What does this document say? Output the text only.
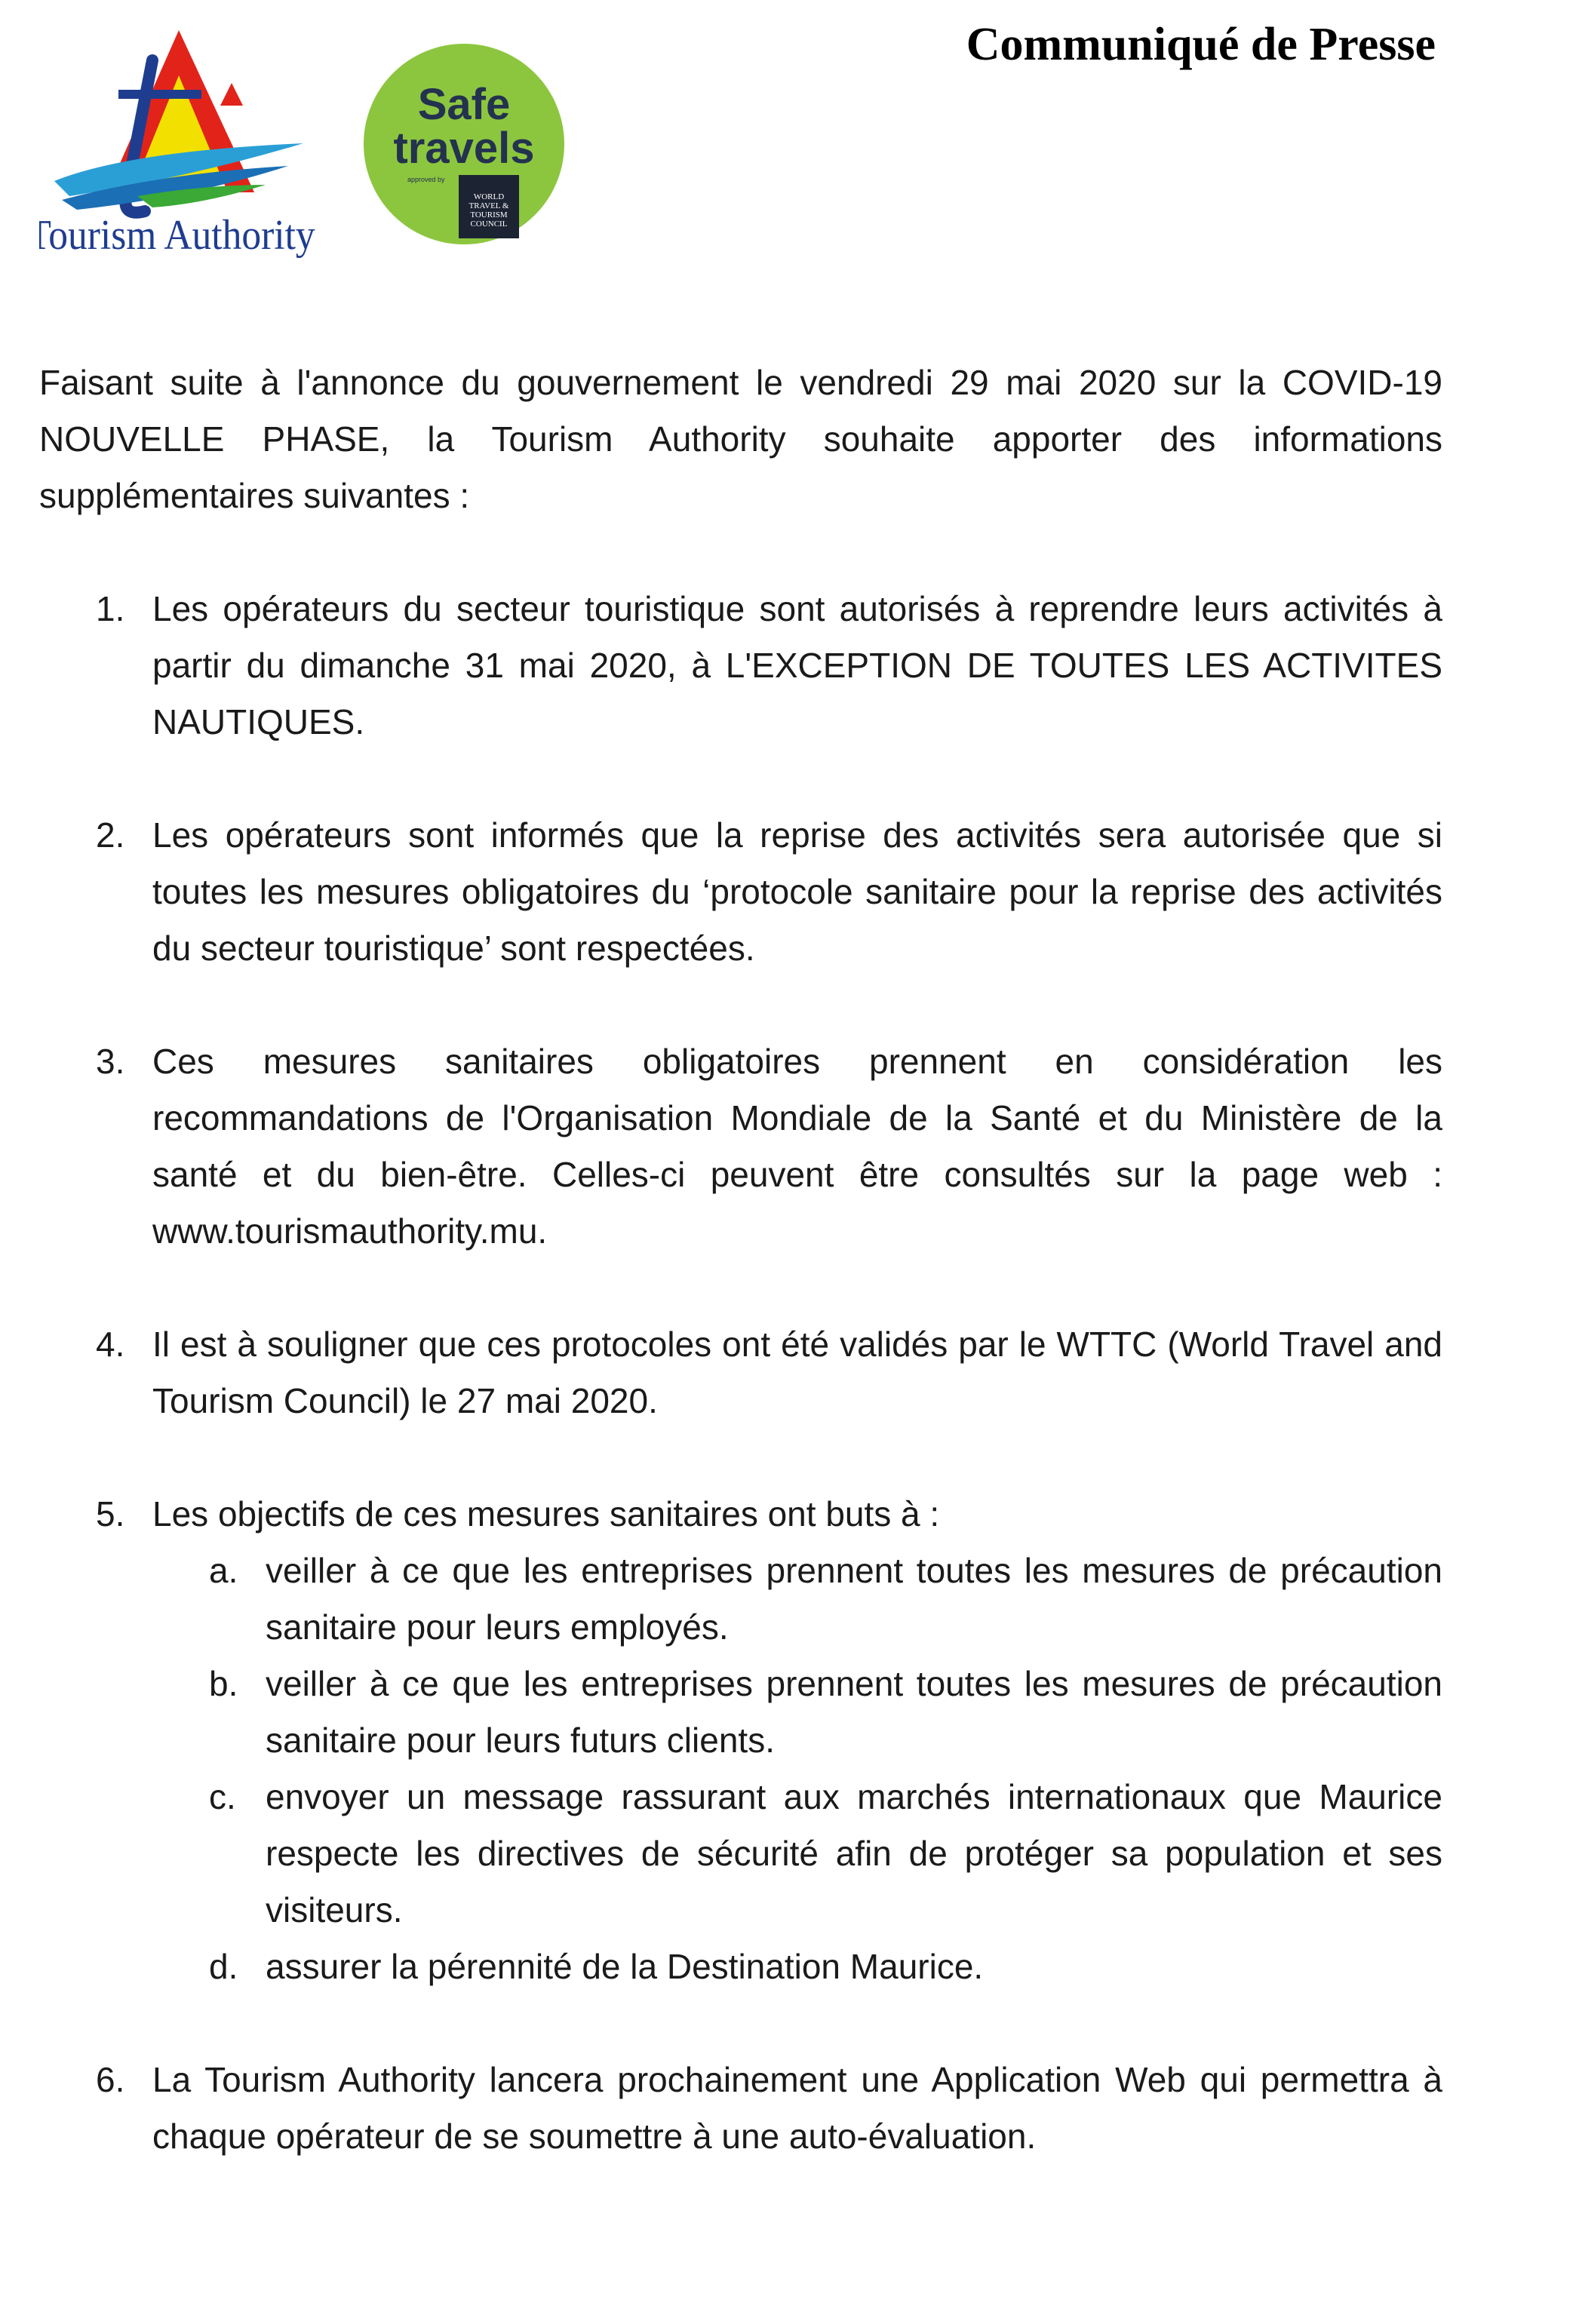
Tourism Authority
Safe
travels
approved by
WORLD
TRAVEL &
TOURISM
COUNCIL
Communiqué de Presse

Faisant suite à l'annonce du gouvernement le vendredi 29 mai 2020 sur la COVID-19 NOUVELLE PHASE, la Tourism Authority souhaite apporter des informations supplémentaires suivantes :

1. Les opérateurs du secteur touristique sont autorisés à reprendre leurs activités à partir du dimanche 31 mai 2020, à L'EXCEPTION DE TOUTES LES ACTIVITES NAUTIQUES.
2. Les opérateurs sont informés que la reprise des activités sera autorisée que si toutes les mesures obligatoires du ‘protocole sanitaire pour la reprise des activités du secteur touristique’ sont respectées.
3. Ces mesures sanitaires obligatoires prennent en considération les recommandations de l'Organisation Mondiale de la Santé et du Ministère de la santé et du bien-être. Celles-ci peuvent être consultés sur la page web : www.tourismauthority.mu.
4. Il est à souligner que ces protocoles ont été validés par le WTTC (World Travel and Tourism Council) le 27 mai 2020.
5. Les objectifs de ces mesures sanitaires ont buts à :
a. veiller à ce que les entreprises prennent toutes les mesures de précaution sanitaire pour leurs employés.
b. veiller à ce que les entreprises prennent toutes les mesures de précaution sanitaire pour leurs futurs clients.
c. envoyer un message rassurant aux marchés internationaux que Maurice respecte les directives de sécurité afin de protéger sa population et ses visiteurs.
d. assurer la pérennité de la Destination Maurice.
6. La Tourism Authority lancera prochainement une Application Web qui permettra à chaque opérateur de se soumettre à une auto-évaluation.
